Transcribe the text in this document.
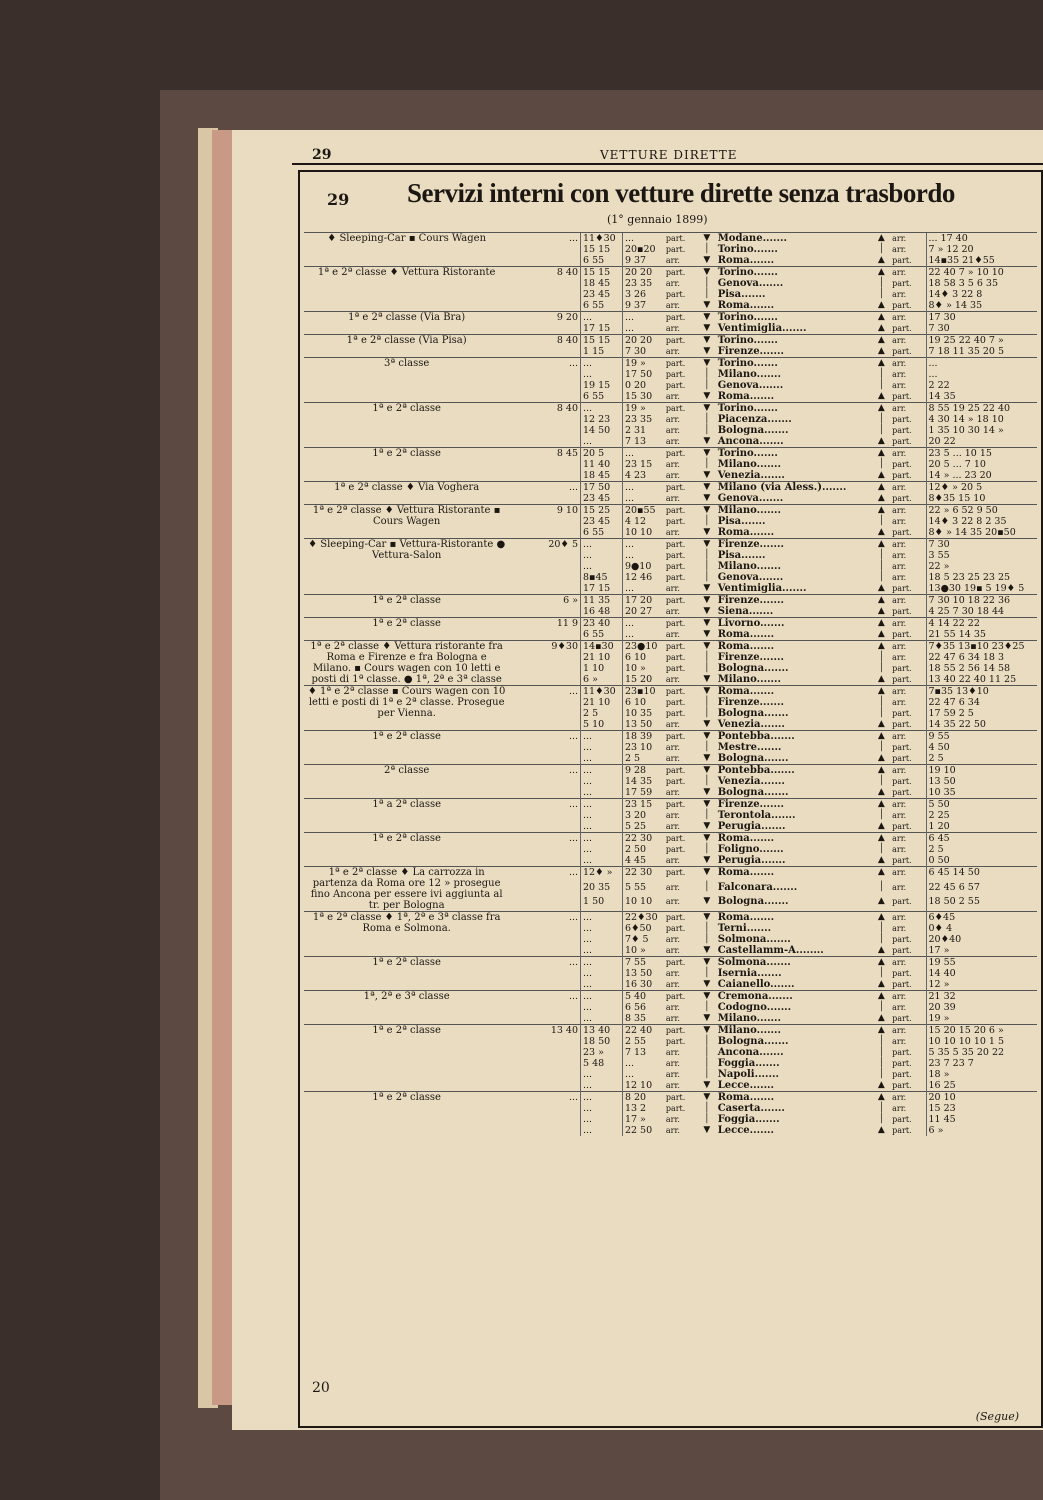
29	VETTURE DIRETTE
29 Servizi interni con vetture dirette senza trasbordo
(1° gennaio 1899)
♦ Sleeping-Car ▪ Cours Wagen	...	11♦30	...	part.	▼	Modane.......	▲	arr.	... 17 40
		15 15	20▪20	part.	│	Torino.......	│	arr.	7 » 12 20
		6 55	9 37	arr.	▼	Roma.......	▲	part.	14▪35 21♦55
1ª e 2ª classe ♦ Vettura Ristorante	8 40	15 15	20 20	part.	▼	Torino.......	▲	arr.	22 40 7 » 10 10
		18 45	23 35	arr.	│	Genova.......	│	part.	18 58 3 5 6 35
		23 45	3 26	part.	│	Pisa.......	│	arr.	14♦ 3 22 8
		6 55	9 37	arr.	▼	Roma.......	▲	part.	8♦ » 14 35
1ª e 2ª classe (Via Bra)	9 20	...	...	part.	▼	Torino.......	▲	arr.	17 30
		17 15	...	arr.	▼	Ventimiglia.......	▲	part.	7 30
1ª e 2ª classe (Via Pisa)	8 40	15 15	20 20	part.	▼	Torino.......	▲	arr.	19 25 22 40 7 »
		1 15	7 30	arr.	▼	Firenze.......	▲	part.	7 18 11 35 20 5
3ª classe	...	...	19 »	part.	▼	Torino.......	▲	arr.	...
		...	17 50	part.	│	Milano.......	│	arr.	...
		19 15	0 20	part.	│	Genova.......	│	arr.	2 22
		6 55	15 30	arr.	▼	Roma.......	▲	part.	14 35
1ª e 2ª classe	8 40	...	19 »	part.	▼	Torino.......	▲	arr.	8 55 19 25 22 40
		12 23	23 35	arr.	│	Piacenza.......	│	part.	4 30 14 » 18 10
		14 50	2 31	arr.	│	Bologna.......	│	part.	1 35 10 30 14 »
		...	7 13	arr.	▼	Ancona.......	▲	part.	20 22
1ª e 2ª classe	8 45	20 5	...	part.	▼	Torino.......	▲	arr.	23 5 ... 10 15
		11 40	23 15	arr.	│	Milano.......	│	part.	20 5 ... 7 10
		18 45	4 23	arr.	▼	Venezia.......	▲	part.	14 » ... 23 20
1ª e 2ª classe ♦ Via Voghera	...	17 50	...	part.	▼	Milano (via Aless.).......	▲	arr.	12♦ » 20 5
		23 45	...	arr.	▼	Genova.......	▲	part.	8♦35 15 10
1ª e 2ª classe ♦ Vettura Ristorante ▪ Cours Wagen	9 10	15 25	20▪55	part.	▼	Milano.......	▲	arr.	22 » 6 52 9 50
		23 45	4 12	part.	│	Pisa.......	│	arr.	14♦ 3 22 8 2 35
		6 55	10 10	arr.	▼	Roma.......	▲	part.	8♦ » 14 35 20▪50
♦ Sleeping-Car ▪ Vettura-Ristorante ● Vettura-Salon	20♦ 5	...	...	part.	▼	Firenze.......	▲	arr.	7 30
		...	...	part.	│	Pisa.......	│	arr.	3 55
		...	9●10	part.	│	Milano.......	│	arr.	22 »
		8▪45	12 46	part.	│	Genova.......	│	arr.	18 5 23 25 23 25
		17 15	...	arr.	▼	Ventimiglia.......	▲	part.	13●30 19▪ 5 19♦ 5
1ª e 2ª classe	6 »	11 35	17 20	part.	▼	Firenze.......	▲	arr.	7 30 10 18 22 36
		16 48	20 27	arr.	▼	Siena.......	▲	part.	4 25 7 30 18 44
1ª e 2ª classe	11 9	23 40	...	part.	▼	Livorno.......	▲	arr.	4 14 22 22
		6 55	...	arr.	▼	Roma.......	▲	part.	21 55 14 35
1ª e 2ª classe ♦ Vettura ristorante fra Roma e Firenze e fra Bologna e Milano. ▪ Cours wagen con 10 letti e posti di 1ª classe. ● 1ª, 2ª e 3ª classe	9♦30	14▪30	23●10	part.	▼	Roma.......	▲	arr.	7♦35 13▪10 23♦25
		21 10	6 10	part.	│	Firenze.......	│	arr.	22 47 6 34 18 3
		1 10	10 »	part.	│	Bologna.......	│	part.	18 55 2 56 14 58
		6 »	15 20	arr.	▼	Milano.......	▲	part.	13 40 22 40 11 25
♦ 1ª e 2ª classe ▪ Cours wagen con 10 letti e posti di 1ª e 2ª classe. Prosegue per Vienna.	...	11♦30	23▪10	part.	▼	Roma.......	▲	arr.	7▪35 13♦10
		21 10	6 10	part.	│	Firenze.......	│	arr.	22 47 6 34
		2 5	10 35	part.	│	Bologna.......	│	part.	17 59 2 5
		5 10	13 50	arr.	▼	Venezia.......	▲	part.	14 35 22 50
1ª e 2ª classe	...	...	18 39	part.	▼	Pontebba.......	▲	arr.	9 55
		...	23 10	arr.	│	Mestre.......	│	part.	4 50
		...	2 5	arr.	▼	Bologna.......	▲	part.	2 5
2ª classe	...	...	9 28	part.	▼	Pontebba.......	▲	arr.	19 10
		...	14 35	part.	│	Venezia.......	│	part.	13 50
		...	17 59	arr.	▼	Bologna.......	▲	part.	10 35
1ª a 2ª classe	...	...	23 15	part.	▼	Firenze.......	▲	arr.	5 50
		...	3 20	arr.	│	Terontola.......	│	arr.	2 25
		...	5 25	arr.	▼	Perugia.......	▲	part.	1 20
1ª e 2ª classe	...	...	22 30	part.	▼	Roma.......	▲	arr.	6 45
		...	2 50	part.	│	Foligno.......	│	arr.	2 5
		...	4 45	arr.	▼	Perugia.......	▲	part.	0 50
1ª e 2ª classe ♦ La carrozza in partenza da Roma ore 12 » prosegue fino Ancona per essere ivi aggiunta al tr. per Bologna	...	12♦ »	22 30	part.	▼	Roma.......	▲	arr.	6 45 14 50
		20 35	5 55	arr.	│	Falconara.......	│	arr.	22 45 6 57
		1 50	10 10	arr.	▼	Bologna.......	▲	part.	18 50 2 55
1ª e 2ª classe ♦ 1ª, 2ª e 3ª classe fra Roma e Solmona.	...	...	22♦30	part.	▼	Roma.......	▲	arr.	6♦45
		...	6♦50	part.	│	Terni.......	│	arr.	0♦ 4
		...	7♦ 5	arr.	│	Solmona.......	│	part.	20♦40
		...	10 »	arr.	▼	Castellamm-A........	▲	part.	17 »
1ª e 2ª classe	...	...	7 55	part.	▼	Solmona.......	▲	arr.	19 55
		...	13 50	arr.	│	Isernia.......	│	part.	14 40
		...	16 30	arr.	▼	Caianello.......	▲	part.	12 »
1ª, 2ª e 3ª classe	...	...	5 40	part.	▼	Cremona.......	▲	arr.	21 32
		...	6 56	arr.	│	Codogno.......	│	arr.	20 39
		...	8 35	arr.	▼	Milano.......	▲	part.	19 »
1ª e 2ª classe	13 40	13 40	22 40	part.	▼	Milano.......	▲	arr.	15 20 15 20 6 »
		18 50	2 55	part.	│	Bologna.......	│	arr.	10 10 10 10 1 5
		23 »	7 13	arr.	│	Ancona.......	│	part.	5 35 5 35 20 22
		5 48	...	arr.	│	Foggia.......	│	part.	23 7 23 7
		...	...	arr.	│	Napoli.......	│	part.	18 »
		...	12 10	arr.	▼	Lecce.......	▲	part.	16 25
1ª e 2ª classe	...	...	8 20	part.	▼	Roma.......	▲	arr.	20 10
		...	13 2	part.	│	Caserta.......	│	arr.	15 23
		...	17 »	arr.	│	Foggia.......	│	part.	11 45
		...	22 50	arr.	▼	Lecce.......	▲	part.	6 »
20
(Segue)
